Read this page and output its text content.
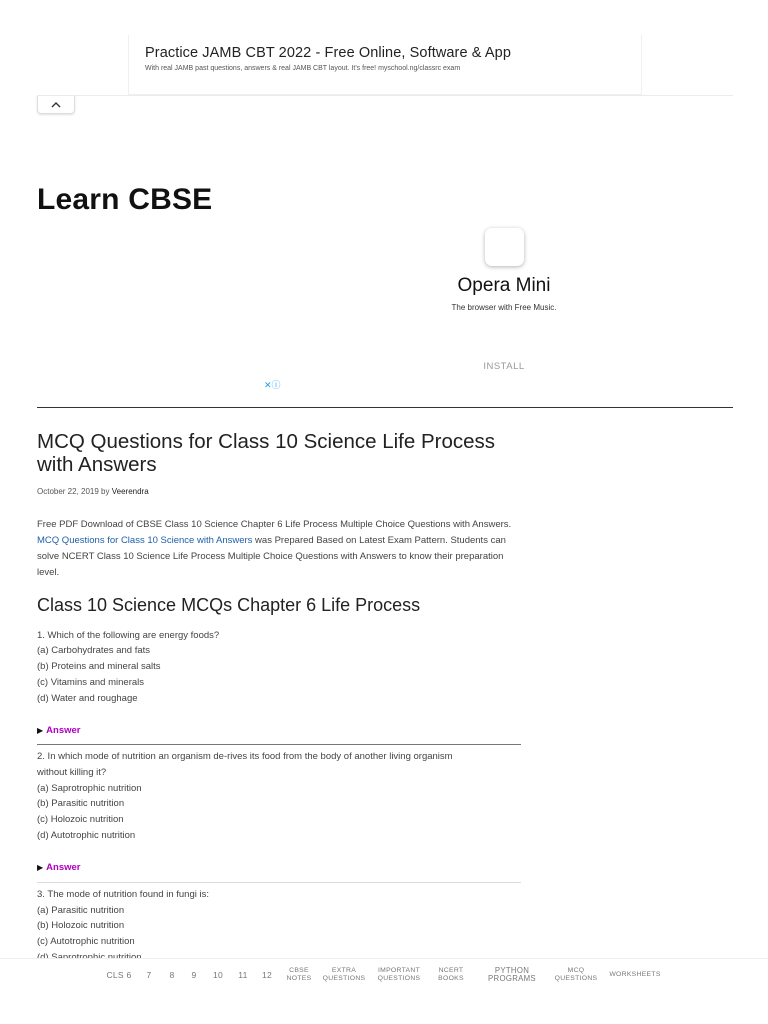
Practice JAMB CBT 2022 - Free Online, Software & App
With real JAMB past questions, answers & real JAMB CBT layout. It's free! myschool.ng/classrc exam
Learn CBSE
Opera Mini
The browser with Free Music.
INSTALL
✕ⓘ
MCQ Questions for Class 10 Science Life Process with Answers
October 22, 2019 by Veerendra
Free PDF Download of CBSE Class 10 Science Chapter 6 Life Process Multiple Choice Questions with Answers. MCQ Questions for Class 10 Science with Answers was Prepared Based on Latest Exam Pattern. Students can solve NCERT Class 10 Science Life Process Multiple Choice Questions with Answers to know their preparation level.
Class 10 Science MCQs Chapter 6 Life Process
1. Which of the following are energy foods?
(a) Carbohydrates and fats
(b) Proteins and mineral salts
(c) Vitamins and minerals
(d) Water and roughage
▶ Answer
2. In which mode of nutrition an organism de-rives its food from the body of another living organism
without killing it?
(a) Saprotrophic nutrition
(b) Parasitic nutrition
(c) Holozoic nutrition
(d) Autotrophic nutrition
▶ Answer
3. The mode of nutrition found in fungi is:
(a) Parasitic nutrition
(b) Holozoic nutrition
(c) Autotrophic nutrition
CLS 6	7	8	9	10	11	12	CBSE
NOTES
EXTRA
QUESTIONS
IMPORTANT
QUESTIONS
NCERT
BOOKS
PYTHON
PROGRAMS
MCQ
QUESTIONS
WORKSHEETS
